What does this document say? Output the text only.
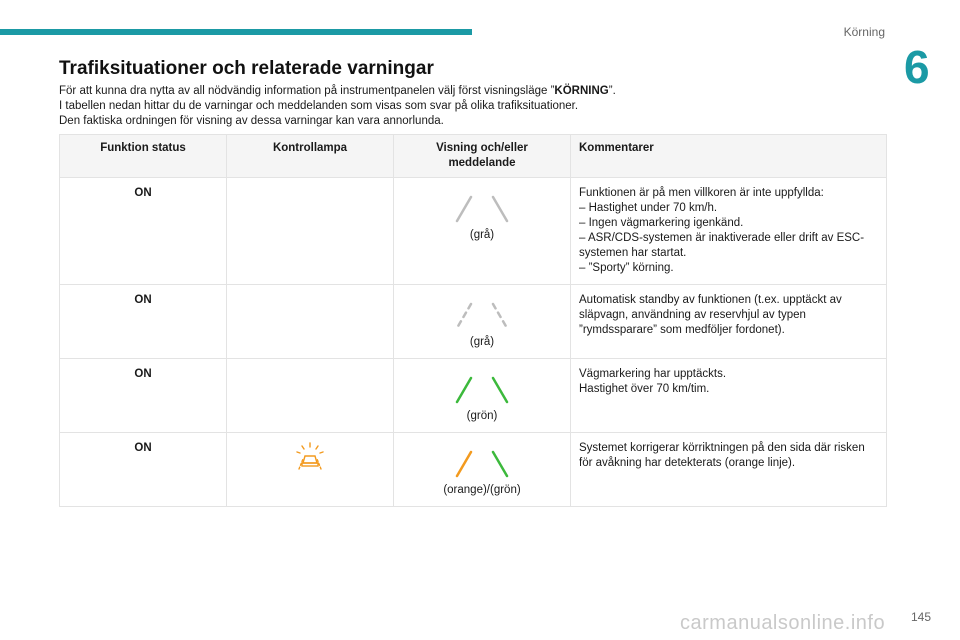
Körning
6
Trafiksituationer och relaterade varningar

För att kunna dra nytta av all nödvändig information på instrumentpanelen välj först visningsläge ”KÖRNING”.

I tabellen nedan hittar du de varningar och meddelanden som visas som svar på olika trafiksituationer.

Den faktiska ordningen för visning av dessa varningar kan vara annorlunda.

Funktion status	Kontrollampa	Visning och/eller meddelande	Kommentarer
ON		(grå)	Funktionen är på men villkoren är inte uppfyllda:
– Hastighet under 70 km/h.
– Ingen vägmarkering igenkänd.
– ASR/CDS-systemen är inaktiverade eller drift av ESC-systemen har startat.
– ”Sporty” körning.

ON		(grå)	Automatisk standby av funktionen (t.ex. upptäckt av släpvagn, användning av reservhjul av typen ”rymdssparare” som medföljer fordonet).

ON		(grön)	Vägmarkering har upptäckts.
Hastighet över 70 km/tim.

ON		(orange)/(grön)	Systemet korrigerar körriktningen på den sida där risken för avåkning har detekterats (orange linje).
carmanualsonline.info 145
